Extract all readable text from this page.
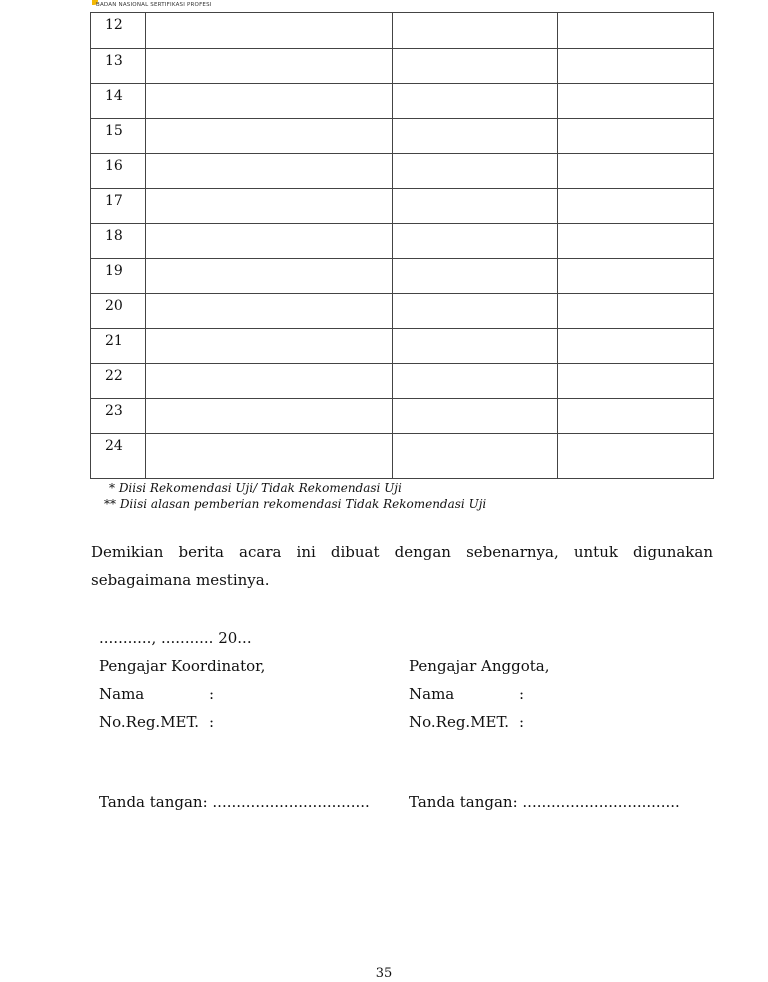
BADAN NASIONAL SERTIFIKASI PROFESI
12			
13			
14			
15			
16			
17			
18			
19			
20			
21			
22			
23			
24			
* Diisi Rekomendasi Uji/ Tidak Rekomendasi Uji
** Diisi alasan pemberian rekomendasi Tidak Rekomendasi Uji
Demikian berita acara ini dibuat dengan sebenarnya, untuk digunakan sebagaimana mestinya.
..........., ........... 20...
Pengajar Koordinator,
Nama	:
No.Reg.MET. :
Pengajar Anggota,
Nama	:
No.Reg.MET. :
Tanda tangan: .................................	Tanda tangan: .................................
35
